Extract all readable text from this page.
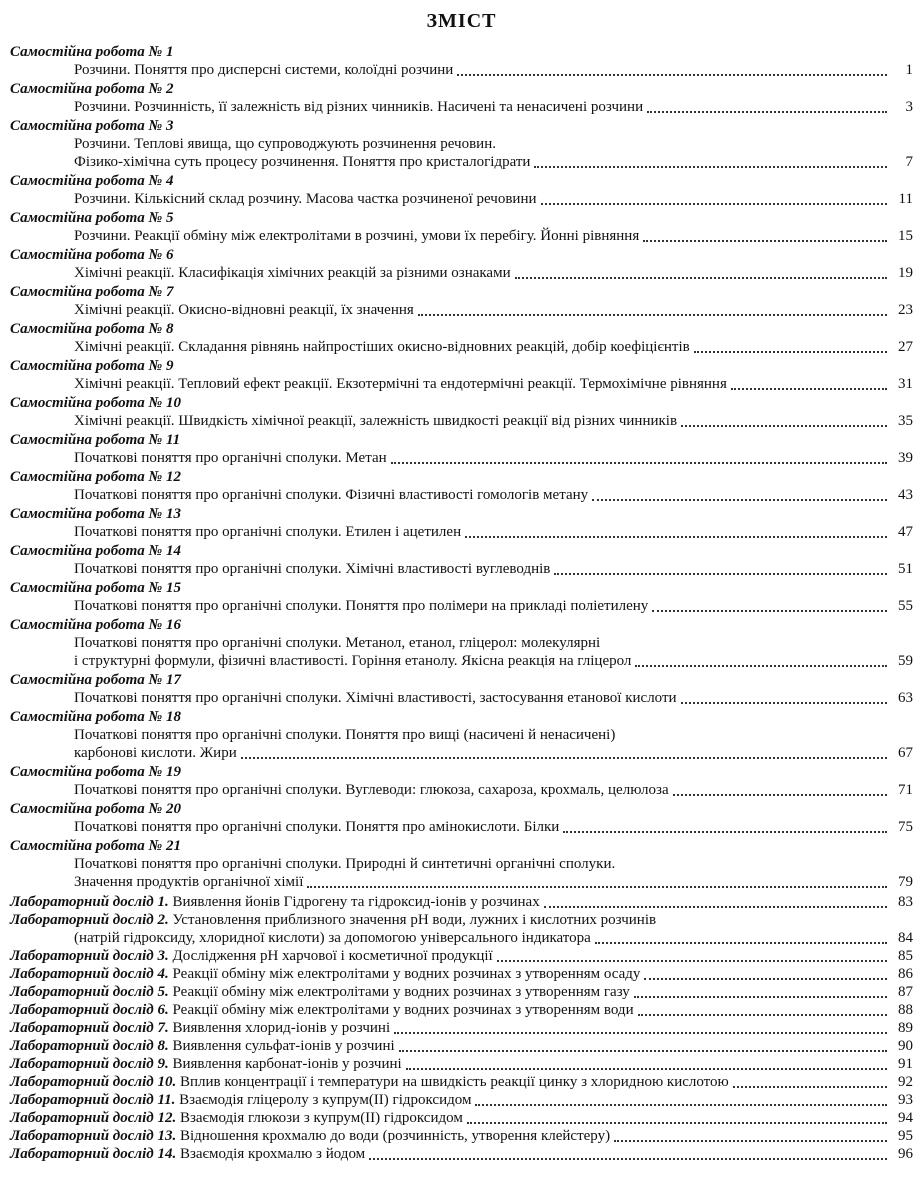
ЗМІСТ
Самостійна робота № 1
Розчини. Поняття про дисперсні системи, колоїдні розчини	1
Самостійна робота № 2
Розчини. Розчинність, її залежність від різних чинників. Насичені та ненасичені розчини	3
Самостійна робота № 3
Розчини. Теплові явища, що супроводжують розчинення речовин.
Фізико-хімічна суть процесу розчинення. Поняття про кристалогідрати	7
Самостійна робота № 4
Розчини. Кількісний склад розчину. Масова частка розчиненої речовини	11
Самостійна робота № 5
Розчини. Реакції обміну між електролітами в розчині, умови їх перебігу. Йонні рівняння	15
Самостійна робота № 6
Хімічні реакції. Класифікація хімічних реакцій за різними ознаками	19
Самостійна робота № 7
Хімічні реакції. Окисно-відновні реакції, їх значення	23
Самостійна робота № 8
Хімічні реакції. Складання рівнянь найпростіших окисно-відновних реакцій, добір коефіцієнтів	27
Самостійна робота № 9
Хімічні реакції. Тепловий ефект реакції. Екзотермічні та ендотермічні реакції. Термохімічне рівняння	31
Самостійна робота № 10
Хімічні реакції. Швидкість хімічної реакції, залежність швидкості реакції від різних чинників	35
Самостійна робота № 11
Початкові поняття про органічні сполуки. Метан	39
Самостійна робота № 12
Початкові поняття про органічні сполуки. Фізичні властивості гомологів метану	43
Самостійна робота № 13
Початкові поняття про органічні сполуки. Етилен і ацетилен	47
Самостійна робота № 14
Початкові поняття про органічні сполуки. Хімічні властивості вуглеводнів	51
Самостійна робота № 15
Початкові поняття про органічні сполуки. Поняття про полімери на прикладі поліетилену	55
Самостійна робота № 16
Початкові поняття про органічні сполуки. Метанол, етанол, гліцерол: молекулярні
і структурні формули, фізичні властивості. Горіння етанолу. Якісна реакція на гліцерол	59
Самостійна робота № 17
Початкові поняття про органічні сполуки. Хімічні властивості, застосування етанової кислоти	63
Самостійна робота № 18
Початкові поняття про органічні сполуки. Поняття про вищі (насичені й ненасичені)
карбонові кислоти. Жири	67
Самостійна робота № 19
Початкові поняття про органічні сполуки. Вуглеводи: глюкоза, сахароза, крохмаль, целюлоза	71
Самостійна робота № 20
Початкові поняття про органічні сполуки. Поняття про амінокислоти. Білки	75
Самостійна робота № 21
Початкові поняття про органічні сполуки. Природні й синтетичні органічні сполуки.
Значення продуктів органічної хімії	79
Лабораторний дослід 1. Виявлення йонів Гідрогену та гідроксид-іонів у розчинах	83
Лабораторний дослід 2. Установлення приблизного значення pH води, лужних і кислотних розчинів
(натрій гідроксиду, хлоридної кислоти) за допомогою універсального індикатора	84
Лабораторний дослід 3. Дослідження pH харчової і косметичної продукції	85
Лабораторний дослід 4. Реакції обміну між електролітами у водних розчинах з утворенням осаду	86
Лабораторний дослід 5. Реакції обміну між електролітами у водних розчинах з утворенням газу	87
Лабораторний дослід 6. Реакції обміну між електролітами у водних розчинах з утворенням води	88
Лабораторний дослід 7. Виявлення хлорид-іонів у розчині	89
Лабораторний дослід 8. Виявлення сульфат-іонів у розчині	90
Лабораторний дослід 9. Виявлення карбонат-іонів у розчині	91
Лабораторний дослід 10. Вплив концентрації і температури на швидкість реакції цинку з хлоридною кислотою	92
Лабораторний дослід 11. Взаємодія гліцеролу з купрум(II) гідроксидом	93
Лабораторний дослід 12. Взаємодія глюкози з купрум(II) гідроксидом	94
Лабораторний дослід 13. Відношення крохмалю до води (розчинність, утворення клейстеру)	95
Лабораторний дослід 14. Взаємодія крохмалю з йодом	96
